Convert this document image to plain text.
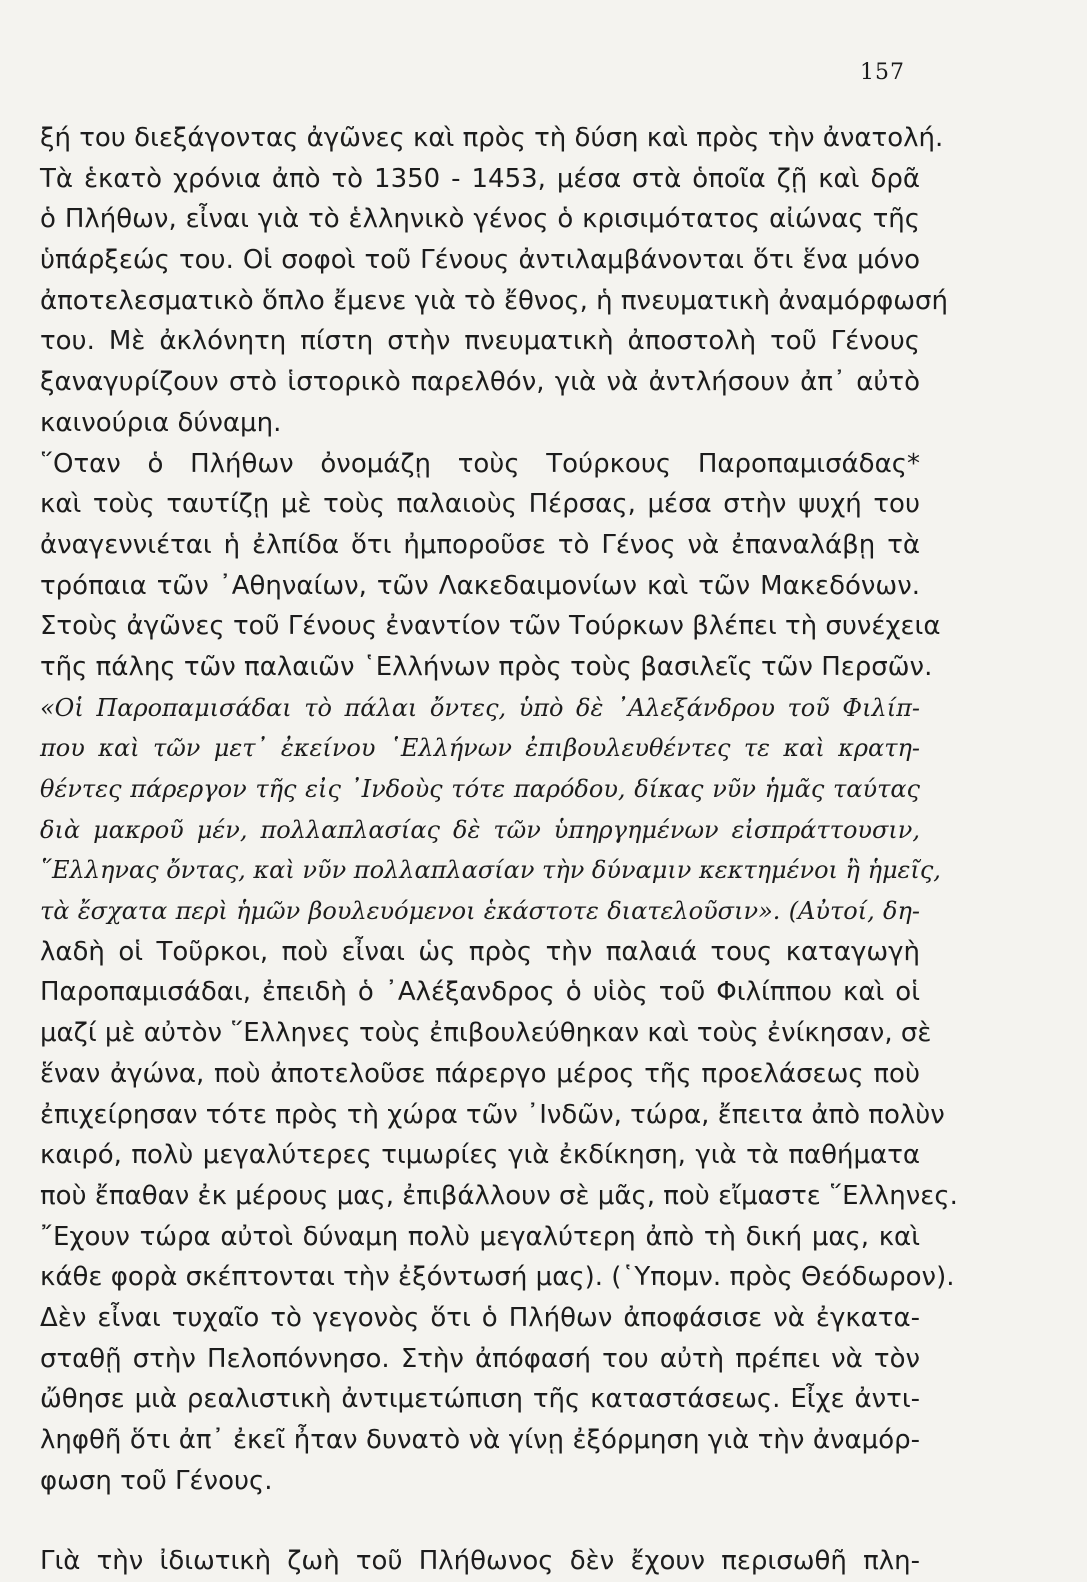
157
ξή του διεξάγοντας ἀγῶνες καὶ πρὸς τὴ δύση καὶ πρὸς τὴν ἀνατολή.
Τὰ ἑκατὸ χρόνια ἀπὸ τὸ 1350 - 1453, μέσα στὰ ὁποῖα ζῇ καὶ δρᾶ
ὁ Πλήθων, εἶναι γιὰ τὸ ἑλληνικὸ γένος ὁ κρισιμότατος αἰώνας τῆς
ὑπάρξεώς του. Οἱ σοφοὶ τοῦ Γένους ἀντιλαμβάνονται ὅτι ἕνα μόνο
ἀποτελεσματικὸ ὅπλο ἔμενε γιὰ τὸ ἔθνος, ἡ πνευματικὴ ἀναμόρφωσή
του. Μὲ ἀκλόνητη πίστη στὴν πνευματικὴ ἀποστολὴ τοῦ Γένους
ξαναγυρίζουν στὸ ἱστορικὸ παρελθόν, γιὰ νὰ ἀντλήσουν ἀπ᾽ αὐτὸ
καινούρια δύναμη.
῞Οταν ὁ Πλήθων ὀνομάζῃ τοὺς Τούρκους Παροπαμισάδας*
καὶ τοὺς ταυτίζῃ μὲ τοὺς παλαιοὺς Πέρσας, μέσα στὴν ψυχή του
ἀναγεννιέται ἡ ἐλπίδα ὅτι ἠμποροῦσε τὸ Γένος νὰ ἐπαναλάβῃ τὰ
τρόπαια τῶν ᾽Αθηναίων, τῶν Λακεδαιμονίων καὶ τῶν Μακεδόνων.
Στοὺς ἀγῶνες τοῦ Γένους ἐναντίον τῶν Τούρκων βλέπει τὴ συνέχεια
τῆς πάλης τῶν παλαιῶν ῾Ελλήνων πρὸς τοὺς βασιλεῖς τῶν Περσῶν.
«Οἱ Παροπαμισάδαι τὸ πάλαι ὄντες, ὑπὸ δὲ ᾽Αλεξάνδρου τοῦ Φιλίπ-
που καὶ τῶν μετ᾽ ἐκείνου ῾Ελλήνων ἐπιβουλευθέντες τε καὶ κρατη-
θέντες πάρεργον τῆς εἰς ᾽Ινδοὺς τότε παρόδου, δίκας νῦν ἡμᾶς ταύτας
διὰ μακροῦ μέν, πολλαπλασίας δὲ τῶν ὑπηργημένων εἰσπράττουσιν,
῞Ελληνας ὄντας, καὶ νῦν πολλαπλασίαν τὴν δύναμιν κεκτημένοι ἢ ἡμεῖς,
τὰ ἔσχατα περὶ ἡμῶν βουλευόμενοι ἑκάστοτε διατελοῦσιν». (Αὐτοί, δη-
λαδὴ οἱ Τοῦρκοι, ποὺ εἶναι ὡς πρὸς τὴν παλαιά τους καταγωγὴ
Παροπαμισάδαι, ἐπειδὴ ὁ ᾽Αλέξανδρος ὁ υἱὸς τοῦ Φιλίππου καὶ οἱ
μαζί μὲ αὐτὸν ῞Ελληνες τοὺς ἐπιβουλεύθηκαν καὶ τοὺς ἐνίκησαν, σὲ
ἕναν ἀγώνα, ποὺ ἀποτελοῦσε πάρεργο μέρος τῆς προελάσεως ποὺ
ἐπιχείρησαν τότε πρὸς τὴ χώρα τῶν ᾽Ινδῶν, τώρα, ἔπειτα ἀπὸ πολὺν
καιρό, πολὺ μεγαλύτερες τιμωρίες γιὰ ἐκδίκηση, γιὰ τὰ παθήματα
ποὺ ἔπαθαν ἐκ μέρους μας, ἐπιβάλλουν σὲ μᾶς, ποὺ εἴμαστε ῞Ελληνες.
῎Εχουν τώρα αὐτοὶ δύναμη πολὺ μεγαλύτερη ἀπὸ τὴ δική μας, καὶ
κάθε φορὰ σκέπτονται τὴν ἐξόντωσή μας). (῾Υπομν. πρὸς Θεόδωρον).
Δὲν εἶναι τυχαῖο τὸ γεγονὸς ὅτι ὁ Πλήθων ἀποφάσισε νὰ ἐγκατα-
σταθῇ στὴν Πελοπόννησο. Στὴν ἀπόφασή του αὐτὴ πρέπει νὰ τὸν
ὤθησε μιὰ ρεαλιστικὴ ἀντιμετώπιση τῆς καταστάσεως. Εἶχε ἀντι-
ληφθῆ ὅτι ἀπ᾽ ἐκεῖ ἦταν δυνατὸ νὰ γίνῃ ἐξόρμηση γιὰ τὴν ἀναμόρ-
φωση τοῦ Γένους.
Γιὰ τὴν ἰδιωτικὴ ζωὴ τοῦ Πλήθωνος δὲν ἔχουν περισωθῆ πλη-
